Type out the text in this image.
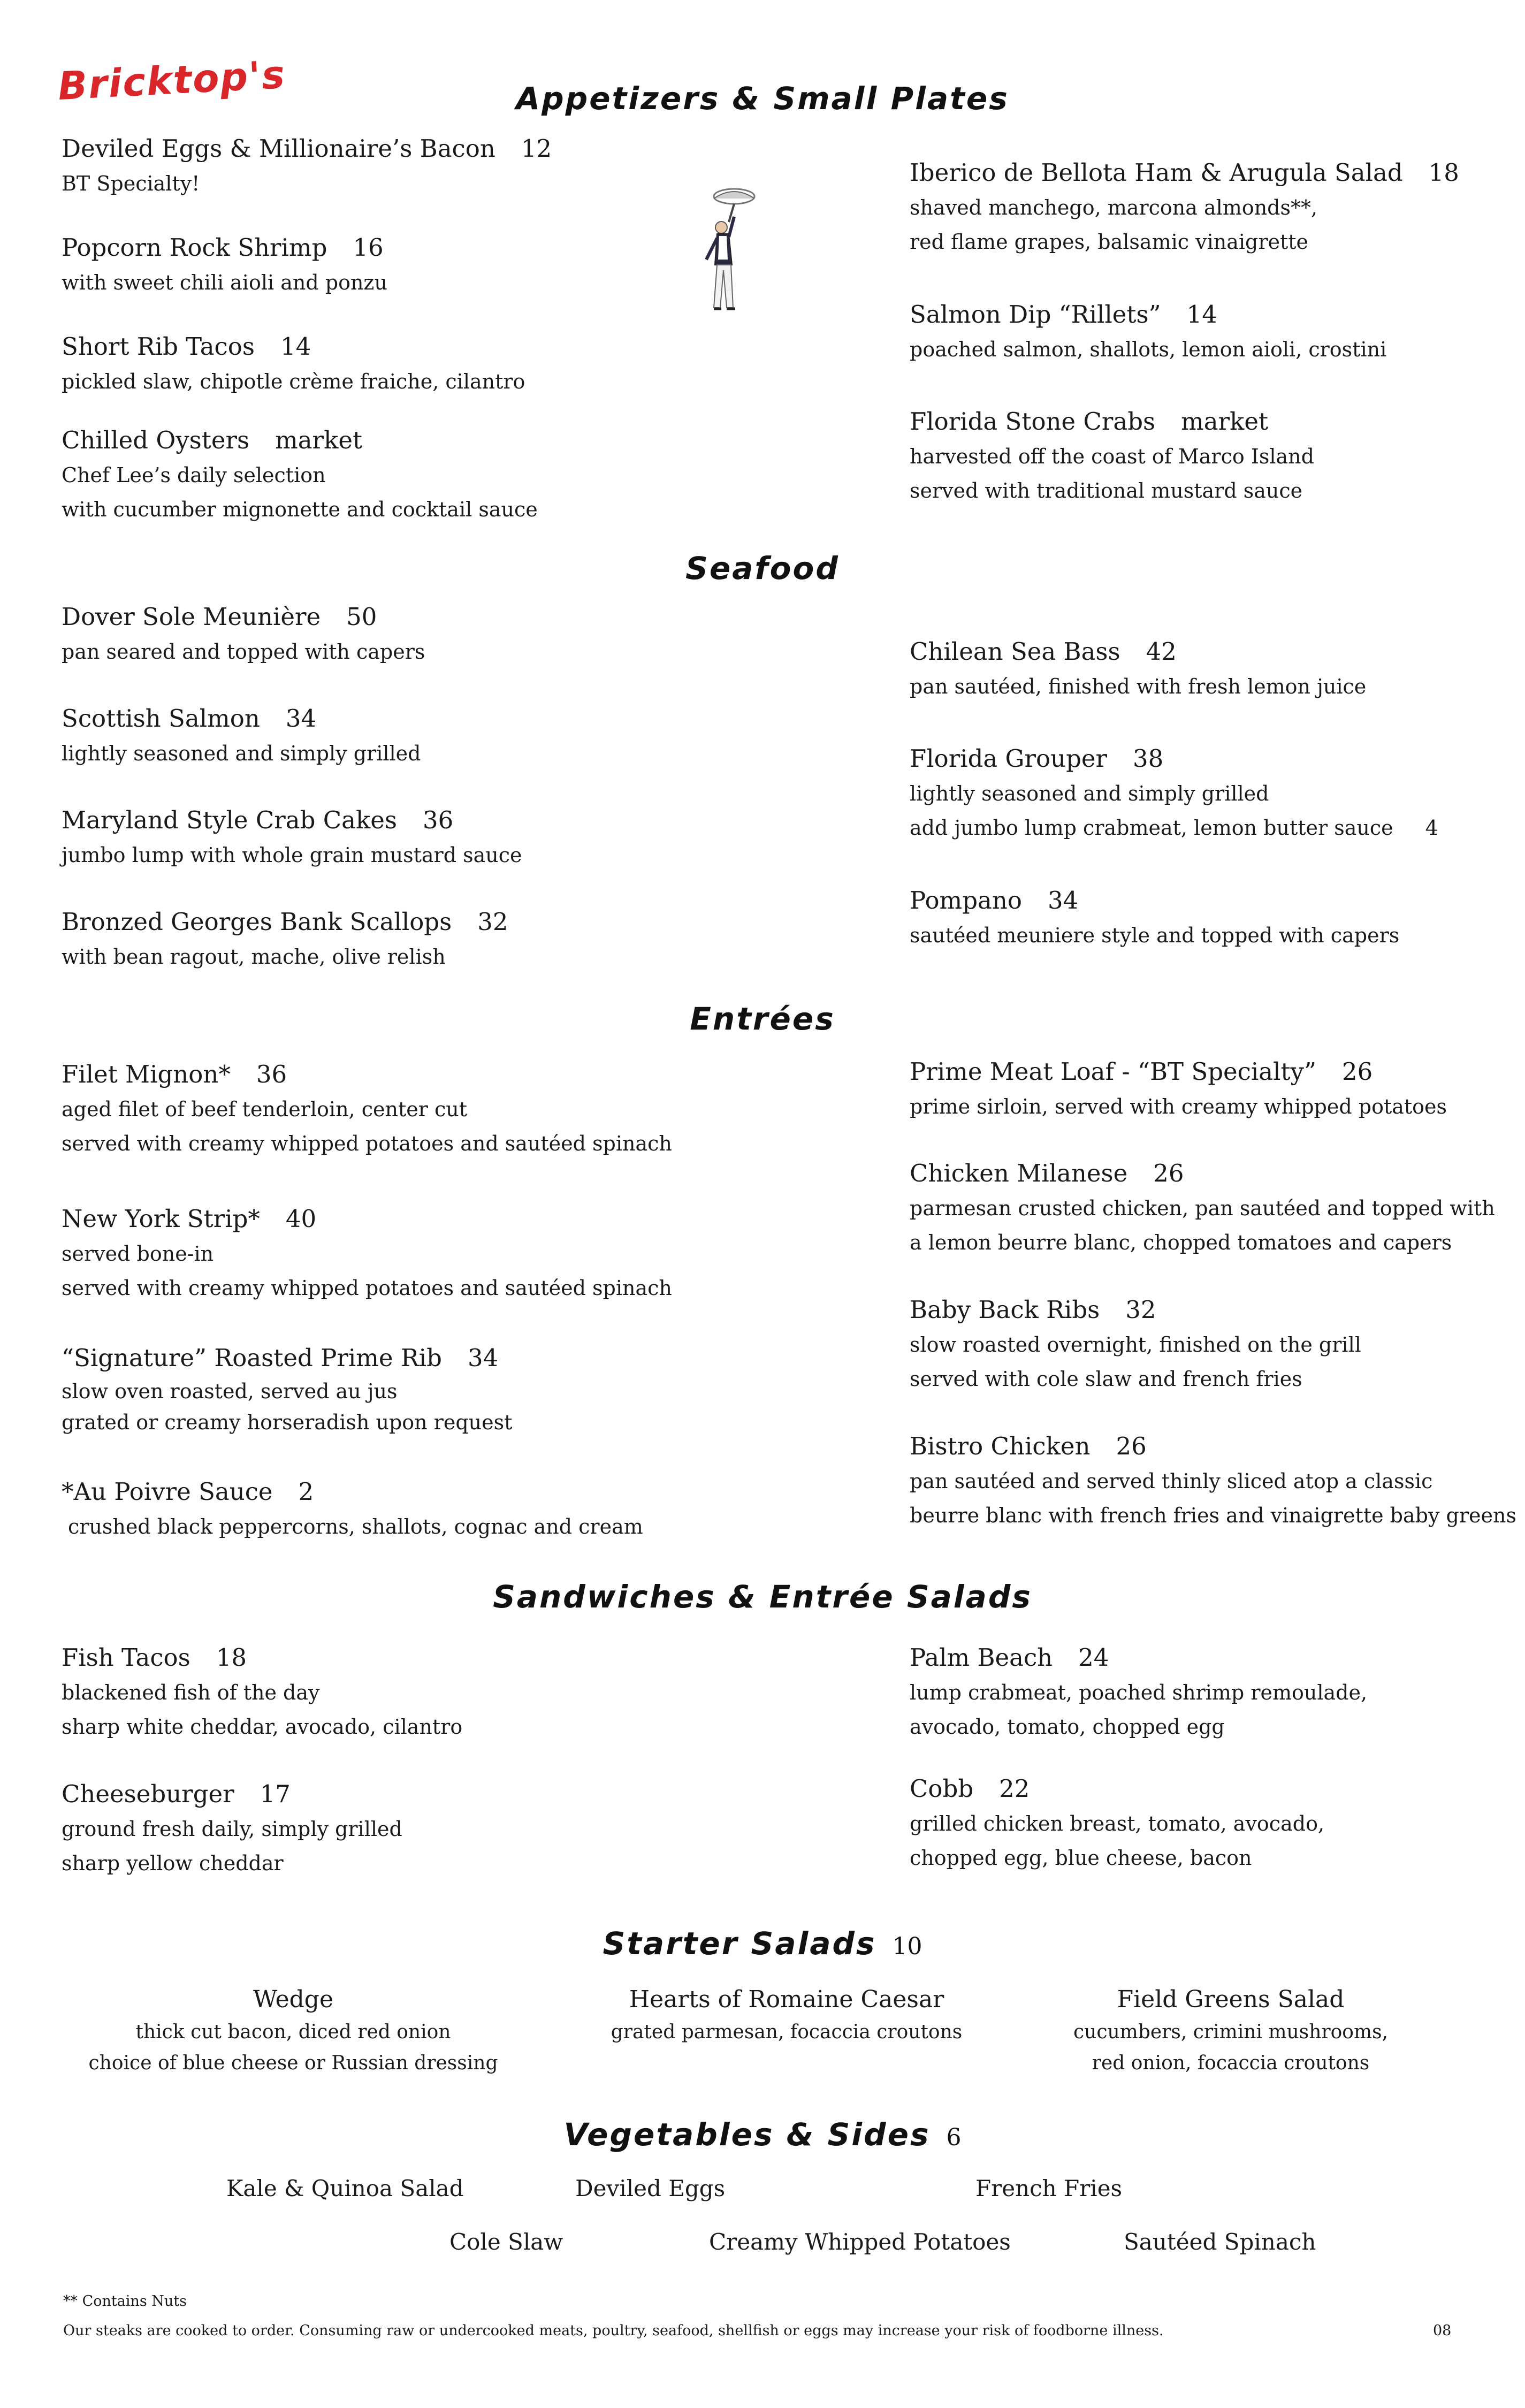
Bricktop's	Appetizers & Small Plates
Seafood
Entrées
Sandwiches & Entrée Salads
Starter Salads 10
Vegetables & Sides 6
Deviled Eggs & Millionaire’s Bacon 12
BT Specialty!
Popcorn Rock Shrimp 16
with sweet chili aioli and ponzu
Short Rib Tacos 14
pickled slaw, chipotle crème fraiche, cilantro
Chilled Oysters market
Chef Lee’s daily selection
with cucumber mignonette and cocktail sauce
Iberico de Bellota Ham & Arugula Salad 18
shaved manchego, marcona almonds**,
red flame grapes, balsamic vinaigrette
Salmon Dip “Rillets” 14
poached salmon, shallots, lemon aioli, crostini
Florida Stone Crabs market
harvested off the coast of Marco Island
served with traditional mustard sauce
Dover Sole Meunière 50
pan seared and topped with capers
Scottish Salmon 34
lightly seasoned and simply grilled
Maryland Style Crab Cakes 36
jumbo lump with whole grain mustard sauce
Bronzed Georges Bank Scallops 32
with bean ragout, mache, olive relish
Chilean Sea Bass 42
pan sautéed, finished with fresh lemon juice
Florida Grouper 38
lightly seasoned and simply grilled
add jumbo lump crabmeat, lemon butter sauce 4
Pompano 34
sautéed meuniere style and topped with capers
Filet Mignon* 36
aged filet of beef tenderloin, center cut
served with creamy whipped potatoes and sautéed spinach
New York Strip* 40
served bone-in
served with creamy whipped potatoes and sautéed spinach
“Signature” Roasted Prime Rib 34
slow oven roasted, served au jus
grated or creamy horseradish upon request
*Au Poivre Sauce 2
crushed black peppercorns, shallots, cognac and cream
Prime Meat Loaf - “BT Specialty” 26
prime sirloin, served with creamy whipped potatoes
Chicken Milanese 26
parmesan crusted chicken, pan sautéed and topped with
a lemon beurre blanc, chopped tomatoes and capers
Baby Back Ribs 32
slow roasted overnight, finished on the grill
served with cole slaw and french fries
Bistro Chicken 26
pan sautéed and served thinly sliced atop a classic
beurre blanc with french fries and vinaigrette baby greens
Fish Tacos 18
blackened fish of the day
sharp white cheddar, avocado, cilantro
Cheeseburger 17
ground fresh daily, simply grilled
sharp yellow cheddar
Palm Beach 24
lump crabmeat, poached shrimp remoulade,
avocado, tomato, chopped egg
Cobb 22
grilled chicken breast, tomato, avocado,
chopped egg, blue cheese, bacon
Wedge
thick cut bacon, diced red onion
choice of blue cheese or Russian dressing
Hearts of Romaine Caesar
grated parmesan, focaccia croutons
Field Greens Salad
cucumbers, crimini mushrooms,
red onion, focaccia croutons
Kale & Quinoa Salad	Deviled Eggs	French Fries
Cole Slaw	Creamy Whipped Potatoes	Sautéed Spinach
** Contains Nuts
Our steaks are cooked to order. Consuming raw or undercooked meats, poultry, seafood, shellfish or eggs may increase your risk of foodborne illness.	08
